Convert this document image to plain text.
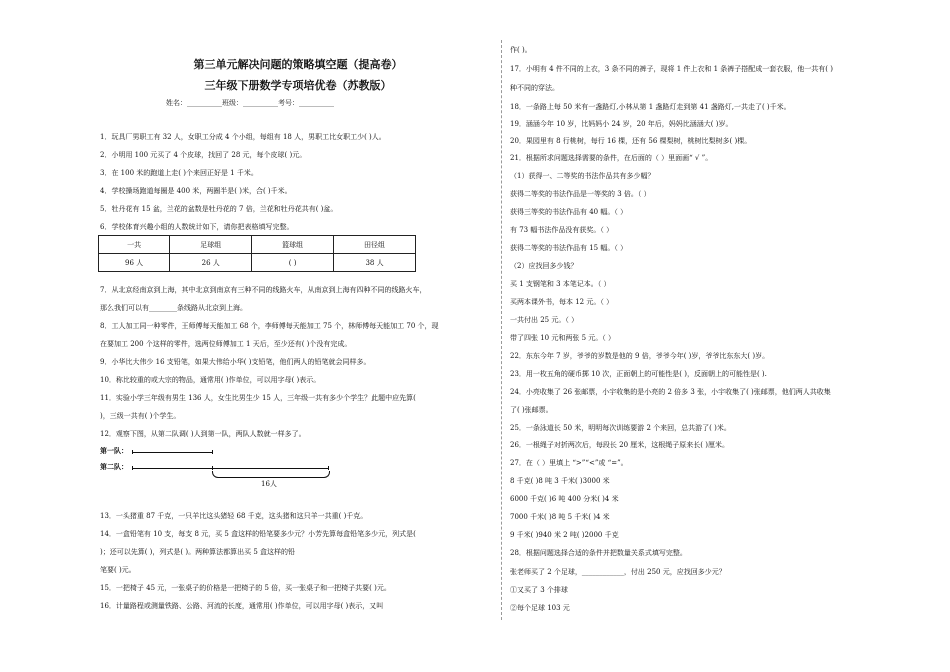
第三单元解决问题的策略填空题（提高卷）
三年级下册数学专项培优卷（苏教版）
姓名：__________班级：__________考号：__________
1．玩具厂男职工有 32 人，女职工分成 4 个小组，每组有 18 人，男职工比女职工少( )人。
2．小明用 100 元买了 4 个皮球，找回了 28 元，每个皮球( )元。
3．在 100 米的跑道上走( )个来回正好是 1 千米。
4．学校操场跑道每圈是 400 米，两圈半是( )米，合( )千米。
5．牡丹花有 15 盆，兰花的盆数是牡丹花的 7 倍，兰花和牡丹花共有( )盆。
6．学校体育兴趣小组的人数统计如下，请你把表格填写完整。
一共	足球组	篮球组	田径组
96 人	26 人	( )	38 人
7．从北京经南京到上海，其中北京到南京有三种不同的线路火车，从南京到上海有四种不同的线路火车，
那么我们可以有________条线路从北京到上海。
8．工人加工同一种零件，王师傅每天能加工 68 个，李师傅每天能加工 75 个，林师傅每天能加工 70 个，现
在要加工 200 个这样的零件，选两位师傅加工 1 天后，至少还有( )个没有完成。
9．小华比大伟少 16 支铅笔，如果大伟给小华( )支铅笔，他们两人的铅笔就会同样多。
10．称比较重的或大宗的物品，通常用( )作单位，可以用字母( )表示。
11．实验小学三年级有男生 136 人，女生比男生少 15 人，三年级一共有多少个学生？此题中应先算(
)，三级一共有( )个学生。
12．观察下图，从第二队调( )人到第一队，两队人数就一样多了。
第一队：
第二队：
16人
13．一头猪重 87 千克，一只羊比这头猪轻 68 千克，这头猪和这只羊一共重( )千克。
14．一盒铅笔有 10 支，每支 8 元，买 5 盒这样的铅笔要多少元？小芳先算每盒铅笔多少元，列式是(
)；还可以先算( )，列式是( )。两种算法都算出买 5 盒这样的铅
笔要( )元。
15．一把椅子 45 元，一张桌子的价格是一把椅子的 5 倍，买一张桌子和一把椅子共要( )元。
16．计量路程或测量铁路、公路、河流的长度，通常用( )作单位，可以用字母( )表示，又叫
作( )。
17．小明有 4 件不同的上衣，3 条不同的裤子，现将 1 件上衣和 1 条裤子搭配成一套衣服，他一共有( )
种不同的穿法。
18．一条路上每 50 米有一盏路灯,小林从第 1 盏路灯走到第 41 盏路灯,一共走了( )千米。
19．涵涵今年 10 岁，比妈妈小 24 岁，20 年后，妈妈比涵涵大( )岁。
20．果园里有 8 行桃树，每行 16 棵，还有 56 棵梨树，桃树比梨树多( )棵。
21．根据所求问题选择需要的条件，在后面的（ ）里面画“ √ ”。
（1）获得一、二等奖的书法作品共有多少幅？
获得二等奖的书法作品是一等奖的 3 倍。（ ）
获得三等奖的书法作品有 40 幅。（ ）
有 73 幅书法作品没有获奖。（ ）
获得二等奖的书法作品有 15 幅。（ ）
（2）应找回多少钱？
买 1 支钢笔和 3 本笔记本。（ ）
买两本课外书，每本 12 元。（ ）
一共付出 25 元。（ ）
带了四张 10 元和两张 5 元。（ ）
22．东东今年 7 岁，爷爷的岁数是他的 9 倍，爷爷今年( )岁，爷爷比东东大( )岁。
23．用一枚五角的硬币掷 10 次，正面朝上的可能性是( )，反面朝上的可能性是( ).
24．小亮收集了 26 张邮票，小宇收集的是小亮的 2 倍多 3 张，小宇收集了( )张邮票，他们两人共收集
了( )张邮票。
25．一条泳道长 50 米，明明每次训练要游 2 个来回，总共游了( )米。
26．一根绳子对折两次后，每段长 20 厘米，这根绳子原来长( )厘米。
27．在（ ）里填上 “>”“<”或 “=”。
8 千克( )8 吨 3 千米( )3000 米
6000 千克( )6 吨 400 分米( )4 米
7000 千米( )8 吨 5 千米( )4 米
9 千米( )940 米 2 吨( )2000 千克
28．根据问题选择合适的条件并把数量关系式填写完整。
张老师买了 2 个足球，____________，付出 250 元，应找回多少元？
①又买了 3 个排球
②每个足球 103 元
